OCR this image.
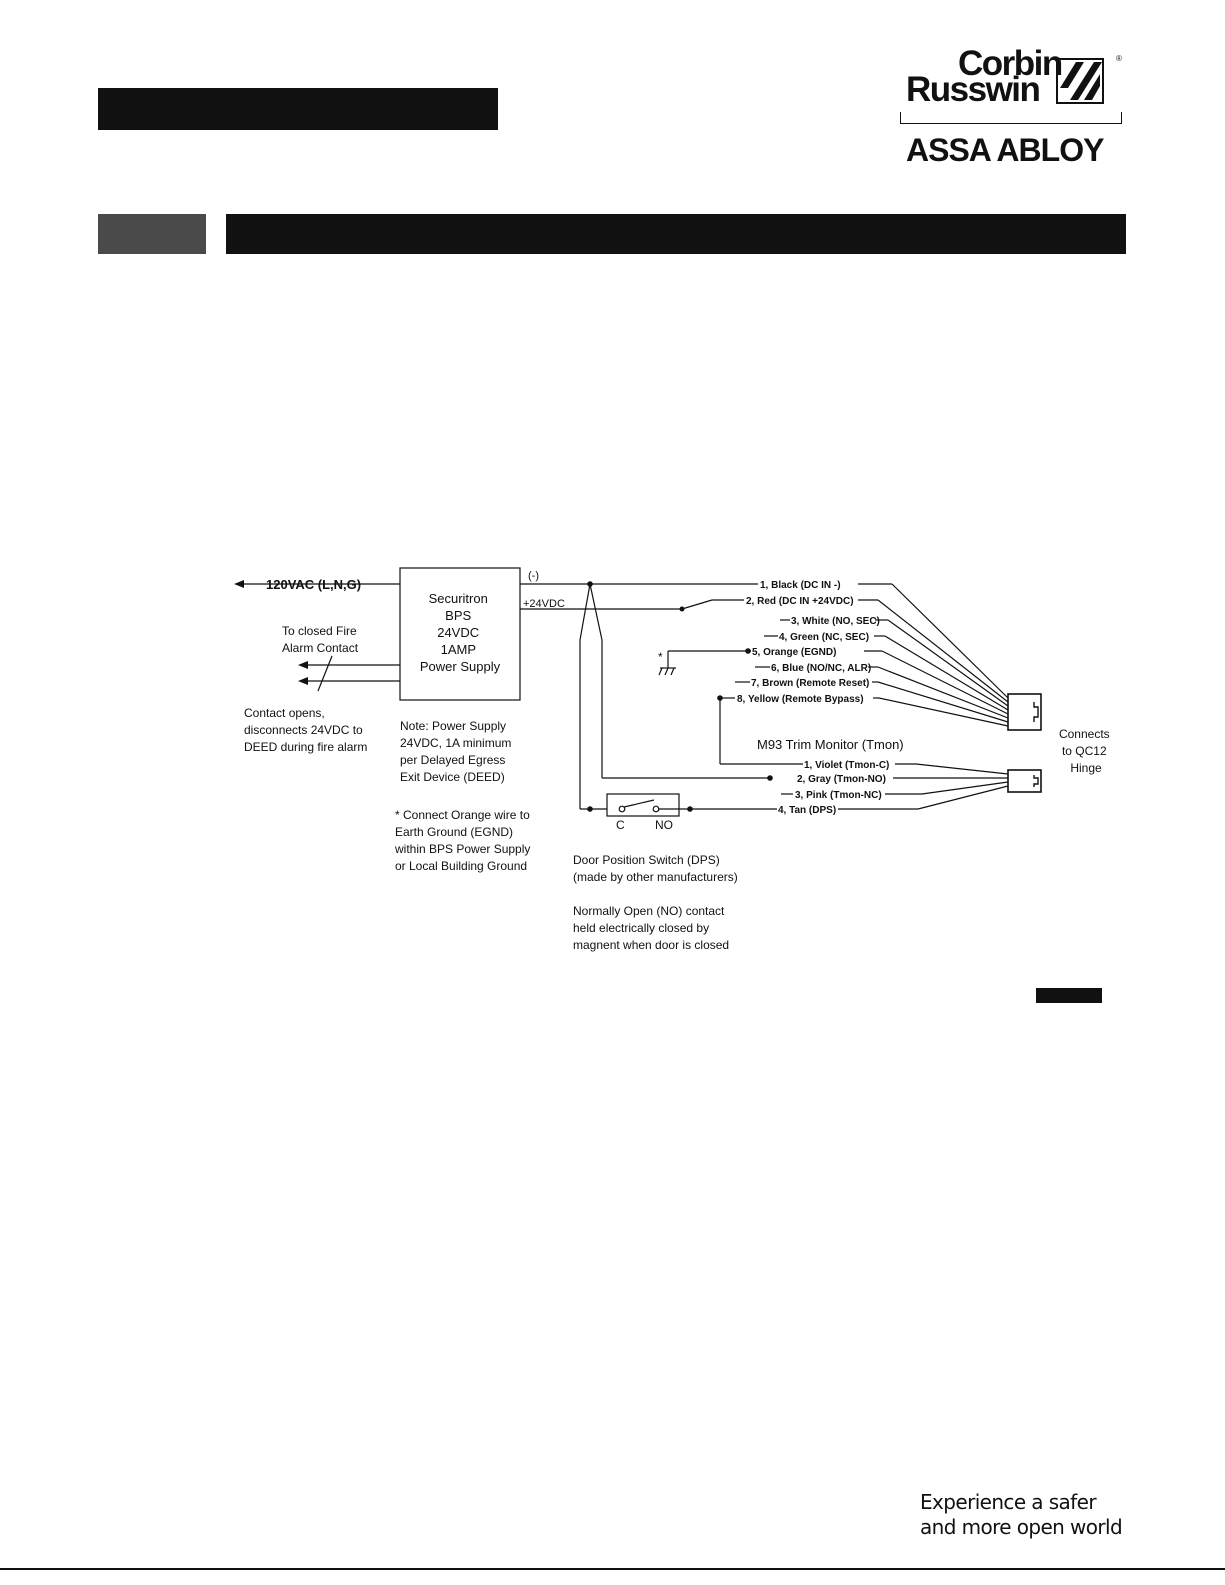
Corbin
Russwin
®
ASSA ABLOY
120VAC (L,N,G)
Securitron BPS 24VDC 1AMP Power Supply
To closed Fire Alarm Contact
Contact opens, disconnects 24VDC to DEED during fire alarm
Note: Power Supply 24VDC, 1A minimum per Delayed Egress Exit Device (DEED)
* Connect Orange wire to Earth Ground (EGND) within BPS Power Supply or Local Building Ground
(-)
+24VDC
C	NO
*
1, Black (DC IN -)
2, Red (DC IN +24VDC)
3, White (NO, SEC)
4, Green (NC, SEC)
5, Orange (EGND)
6, Blue (NO/NC, ALR)
7, Brown (Remote Reset)
8, Yellow (Remote Bypass)
M93 Trim Monitor (Tmon)
1, Violet (Tmon-C)
2, Gray (Tmon-NO)
3, Pink (Tmon-NC)
4, Tan (DPS)
Connects to QC12 Hinge
Door Position Switch (DPS) (made by other manufacturers)
Normally Open (NO) contact held electrically closed by magnent when door is closed
Experience a safer
and more open world
